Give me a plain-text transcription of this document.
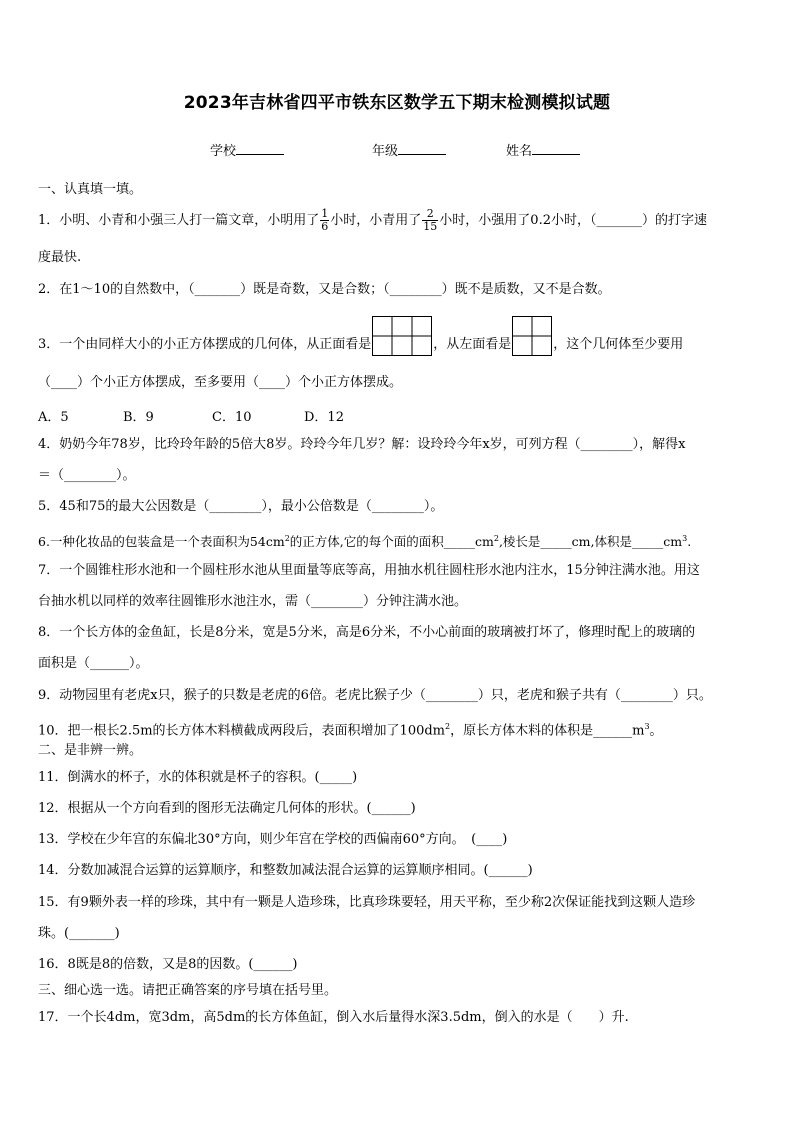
2023年吉林省四平市铁东区数学五下期末检测模拟试题
学校	年级	姓名
一、认真填一填。
1．小明、小青和小强三人打一篇文章，小明用了 $\frac{1}{6}$ 小时，小青用了 $\frac{2}{15}$ 小时，小强用了0.2小时，（_______）的打字速
度最快.
2．在1～10的自然数中，（_______）既是奇数，又是合数；（________）既不是质数，又不是合数。
3．一个由同样大小的小正方体摆成的几何体，从正面看是	，从左面看是	，这个几何体至少要用
（____）个小正方体摆成，至多要用（____）个小正方体摆成。
A．5	B．9	C．10	D．12
4．奶奶今年78岁，比玲玲年龄的5倍大8岁。玲玲今年几岁？解：设玲玲今年x岁，可列方程（________），解得x
＝（________）。
5．45和75的最大公因数是（________），最小公倍数是（________）。
6.一种化妆品的包装盒是一个表面积为$54cm^2$的正方体,它的每个面的面积$\_\_\_\_\_cm^2$,棱长是_____cm,体积是$\_\_\_\_\_cm^3$.
7．一个圆锥柱形水池和一个圆柱形水池从里面量等底等高，用抽水机往圆柱形水池内注水，15分钟注满水池。用这
台抽水机以同样的效率往圆锥形水池注水，需（________）分钟注满水池。
8．一个长方体的金鱼缸，长是8分米，宽是5分米，高是6分米，不小心前面的玻璃被打坏了，修理时配上的玻璃的
面积是（______）。
9．动物园里有老虎x只，猴子的只数是老虎的6倍。老虎比猴子少（________）只，老虎和猴子共有（________）只。
10．把一根长2.5m的长方体木料横截成两段后，表面积增加了$100dm^2$，原长方体木料的体积是$\_\_\_\_\_\_m^3$。
二、是非辨一辨。
11．倒满水的杯子，水的体积就是杯子的容积。(_____)
12．根据从一个方向看到的图形无法确定几何体的形状。(______)
13．学校在少年宫的东偏北30°方向，则少年宫在学校的西偏南60°方向。　(____)
14．分数加减混合运算的运算顺序，和整数加减法混合运算的运算顺序相同。(______)
15．有9颗外表一样的珍珠，其中有一颗是人造珍珠，比真珍珠要轻，用天平称，至少称2次保证能找到这颗人造珍
珠。(_______)
16．8既是8的倍数，又是8的因数。(______)
三、细心选一选。请把正确答案的序号填在括号里。
17．一个长4dm，宽3dm，高5dm的长方体鱼缸，倒入水后量得水深3.5dm，倒入的水是（　　）升.
